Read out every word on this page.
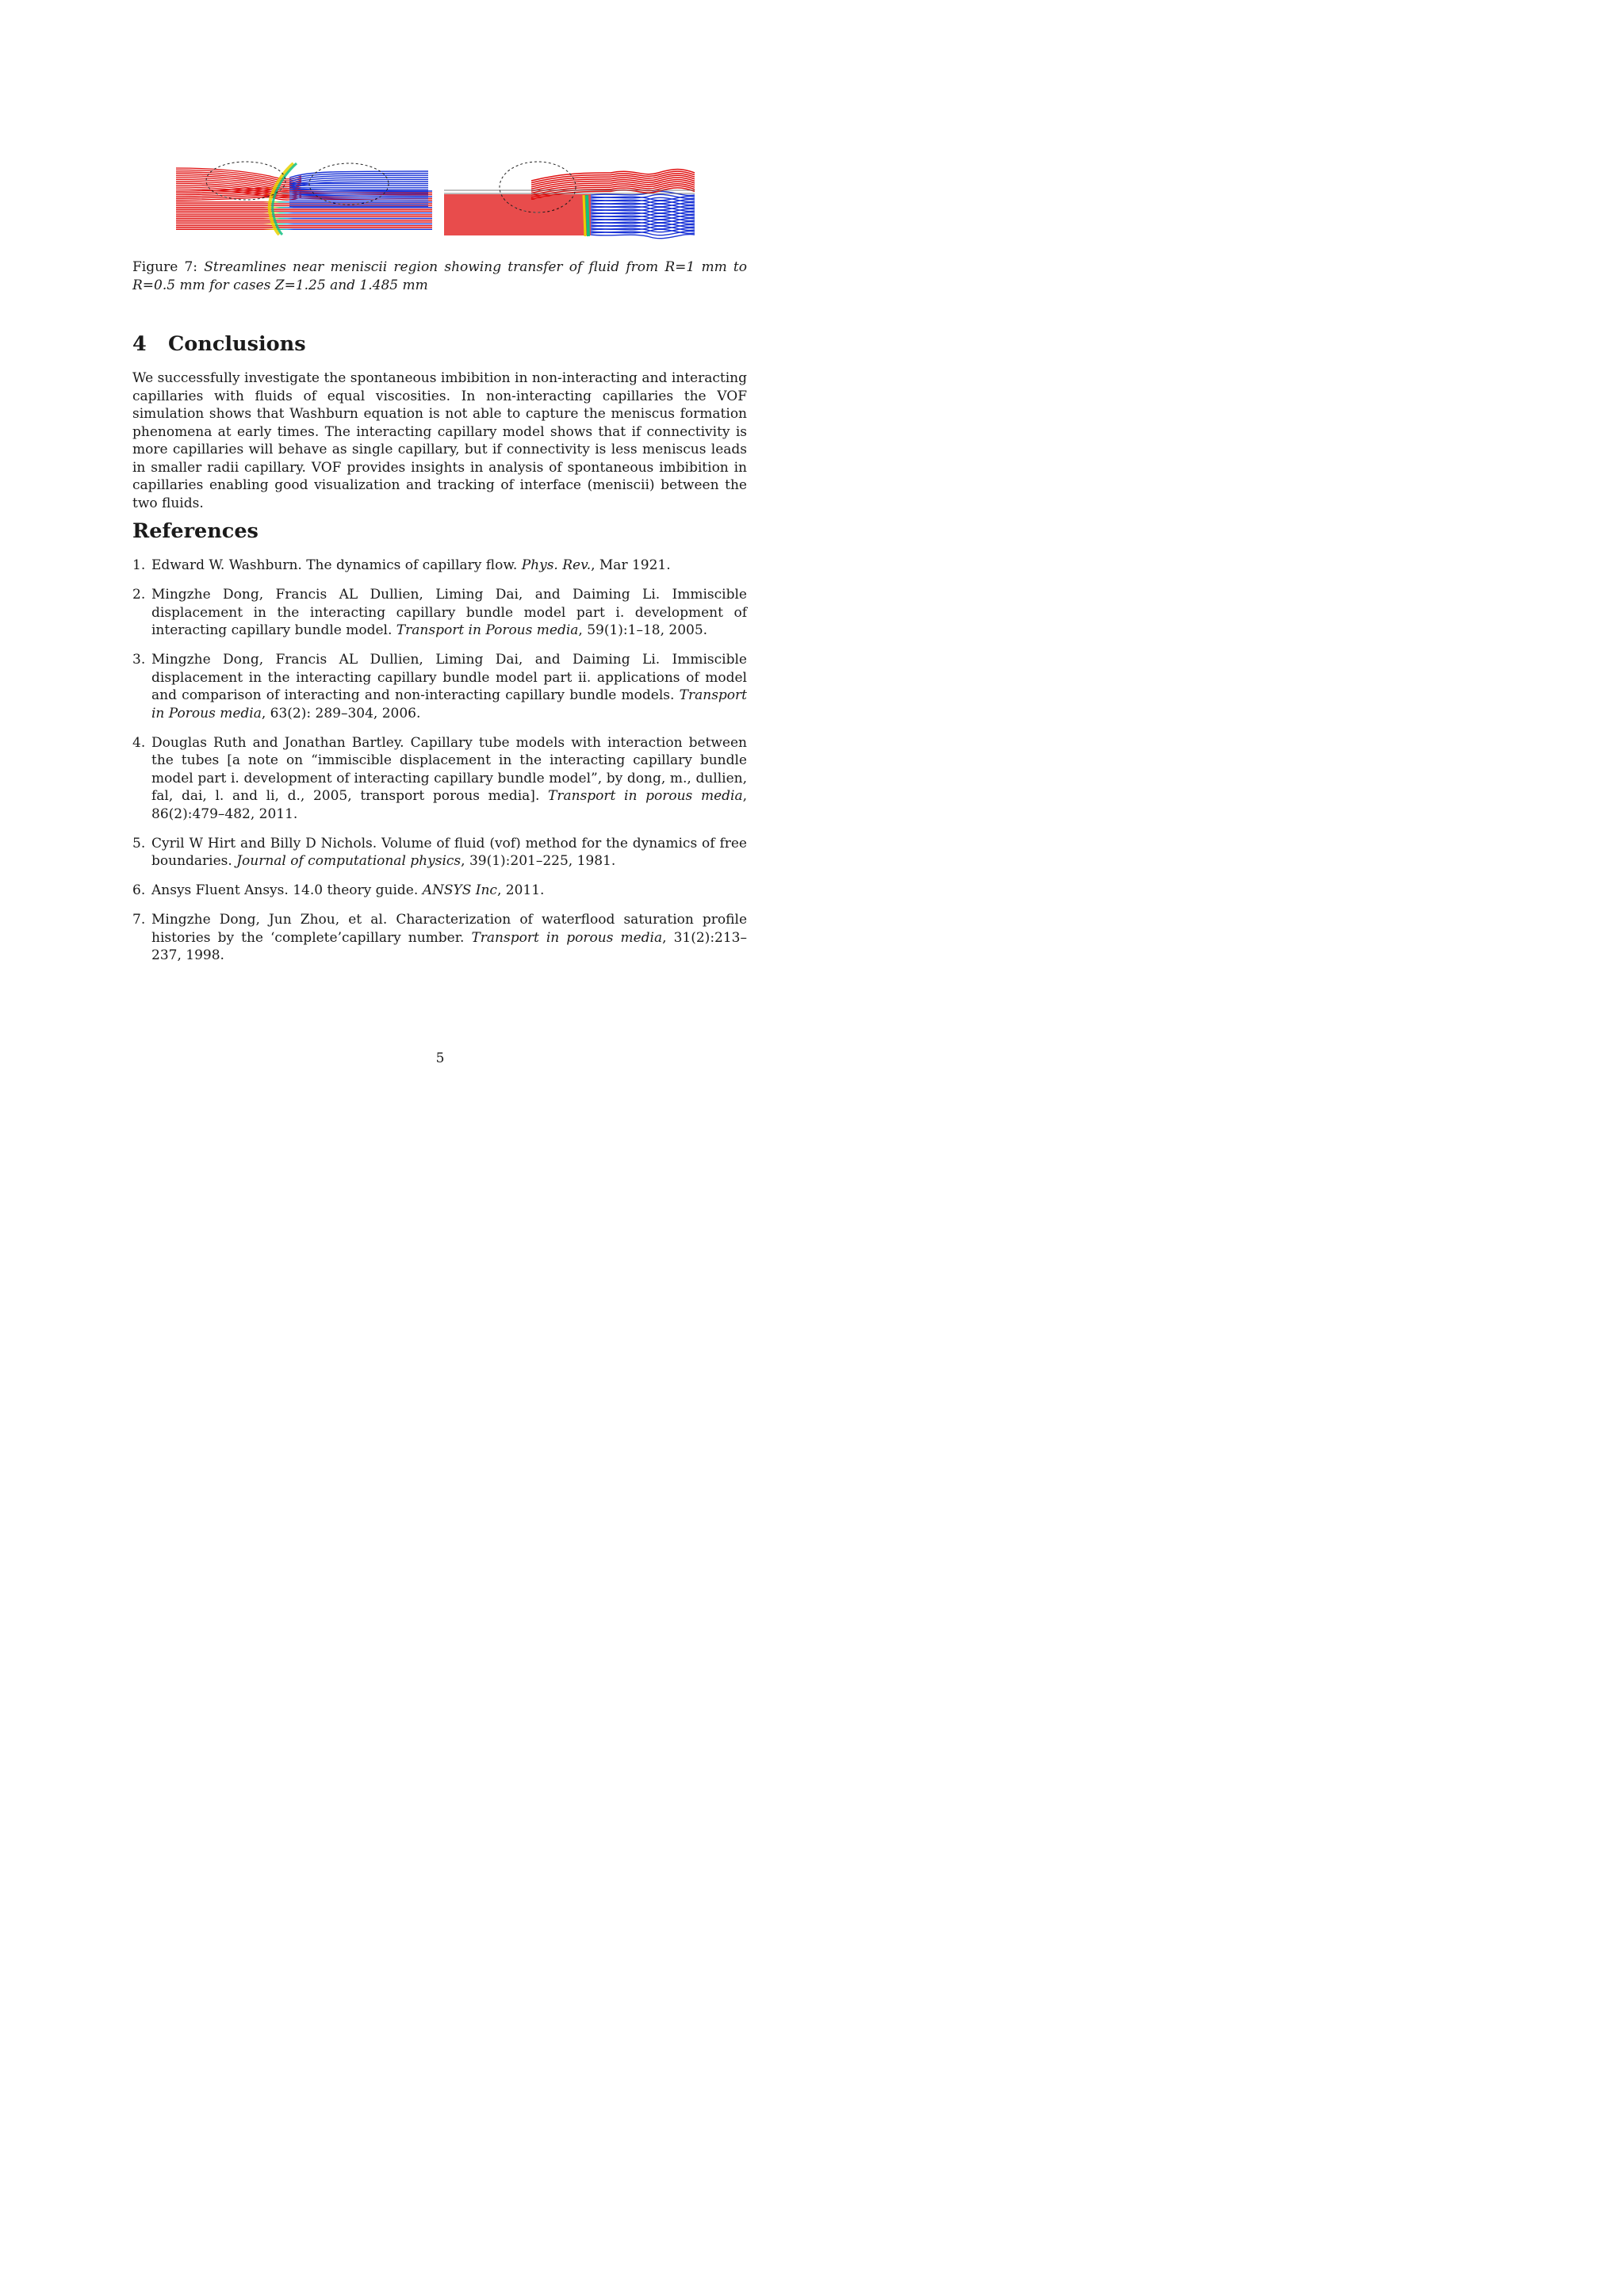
Figure 7: Streamlines near meniscii region showing transfer of fluid from R=1 mm to R=0.5 mm for cases Z=1.25 and 1.485 mm
4 Conclusions

We successfully investigate the spontaneous imbibition in non-interacting and interacting capillaries with fluids of equal viscosities. In non-interacting capillaries the VOF simulation shows that Washburn equation is not able to capture the meniscus formation phenomena at early times. The interacting capillary model shows that if connectivity is more capillaries will behave as single capillary, but if connectivity is less meniscus leads in smaller radii capillary. VOF provides insights in analysis of spontaneous imbibition in capillaries enabling good visualization and tracking of interface (meniscii) between the two fluids.

References
1. Edward W. Washburn. The dynamics of capillary flow. Phys. Rev., Mar 1921.
2. Mingzhe Dong, Francis AL Dullien, Liming Dai, and Daiming Li. Immiscible displacement in the interacting capillary bundle model part i. development of interacting capillary bundle model. Transport in Porous media, 59(1):1–18, 2005.
3. Mingzhe Dong, Francis AL Dullien, Liming Dai, and Daiming Li. Immiscible displacement in the interacting capillary bundle model part ii. applications of model and comparison of interacting and non-interacting capillary bundle models. Transport in Porous media, 63(2): 289–304, 2006.
4. Douglas Ruth and Jonathan Bartley. Capillary tube models with interaction between the tubes [a note on “immiscible displacement in the interacting capillary bundle model part i. development of interacting capillary bundle model”, by dong, m., dullien, fal, dai, l. and li, d., 2005, transport porous media]. Transport in porous media, 86(2):479–482, 2011.
5. Cyril W Hirt and Billy D Nichols. Volume of fluid (vof) method for the dynamics of free boundaries. Journal of computational physics, 39(1):201–225, 1981.
6. Ansys Fluent Ansys. 14.0 theory guide. ANSYS Inc, 2011.
7. Mingzhe Dong, Jun Zhou, et al. Characterization of waterflood saturation profile histories by the ‘complete’capillary number. Transport in porous media, 31(2):213–237, 1998.
5
